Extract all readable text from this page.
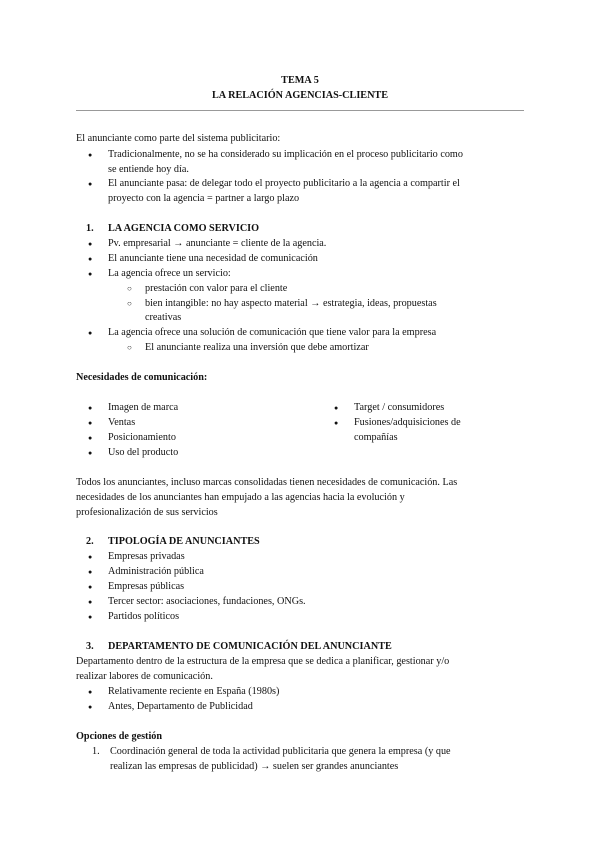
TEMA 5
LA RELACIÓN AGENCIAS-CLIENTE
El anunciante como parte del sistema publicitario:
● Tradicionalmente, no se ha considerado su implicación en el proceso publicitario como
se entiende hoy día.
● El anunciante pasa: de delegar todo el proyecto publicitario a la agencia a compartir el
proyecto con la agencia = partner a largo plazo
1. LA AGENCIA COMO SERVICIO
● Pv. empresarial → anunciante = cliente de la agencia.
● El anunciante tiene una necesidad de comunicación
● La agencia ofrece un servicio:
○ prestación con valor para el cliente
○ bien intangible: no hay aspecto material → estrategia, ideas, propuestas
creativas
● La agencia ofrece una solución de comunicación que tiene valor para la empresa
○ El anunciante realiza una inversión que debe amortizar
Necesidades de comunicación:
● Imagen de marca
● Ventas
● Posicionamiento
● Uso del producto
● Target / consumidores
● Fusiones/adquisiciones de
compañías
Todos los anunciantes, incluso marcas consolidadas tienen necesidades de comunicación. Las
necesidades de los anunciantes han empujado a las agencias hacia la evolución y
profesionalización de sus servicios
2. TIPOLOGÍA DE ANUNCIANTES
● Empresas privadas
● Administración pública
● Empresas públicas
● Tercer sector: asociaciones, fundaciones, ONGs.
● Partidos políticos
3. DEPARTAMENTO DE COMUNICACIÓN DEL ANUNCIANTE
Departamento dentro de la estructura de la empresa que se dedica a planificar, gestionar y/o
realizar labores de comunicación.
● Relativamente reciente en España (1980s)
● Antes, Departamento de Publicidad
Opciones de gestión
1. Coordinación general de toda la actividad publicitaria que genera la empresa (y que
realizan las empresas de publicidad) → suelen ser grandes anunciantes
